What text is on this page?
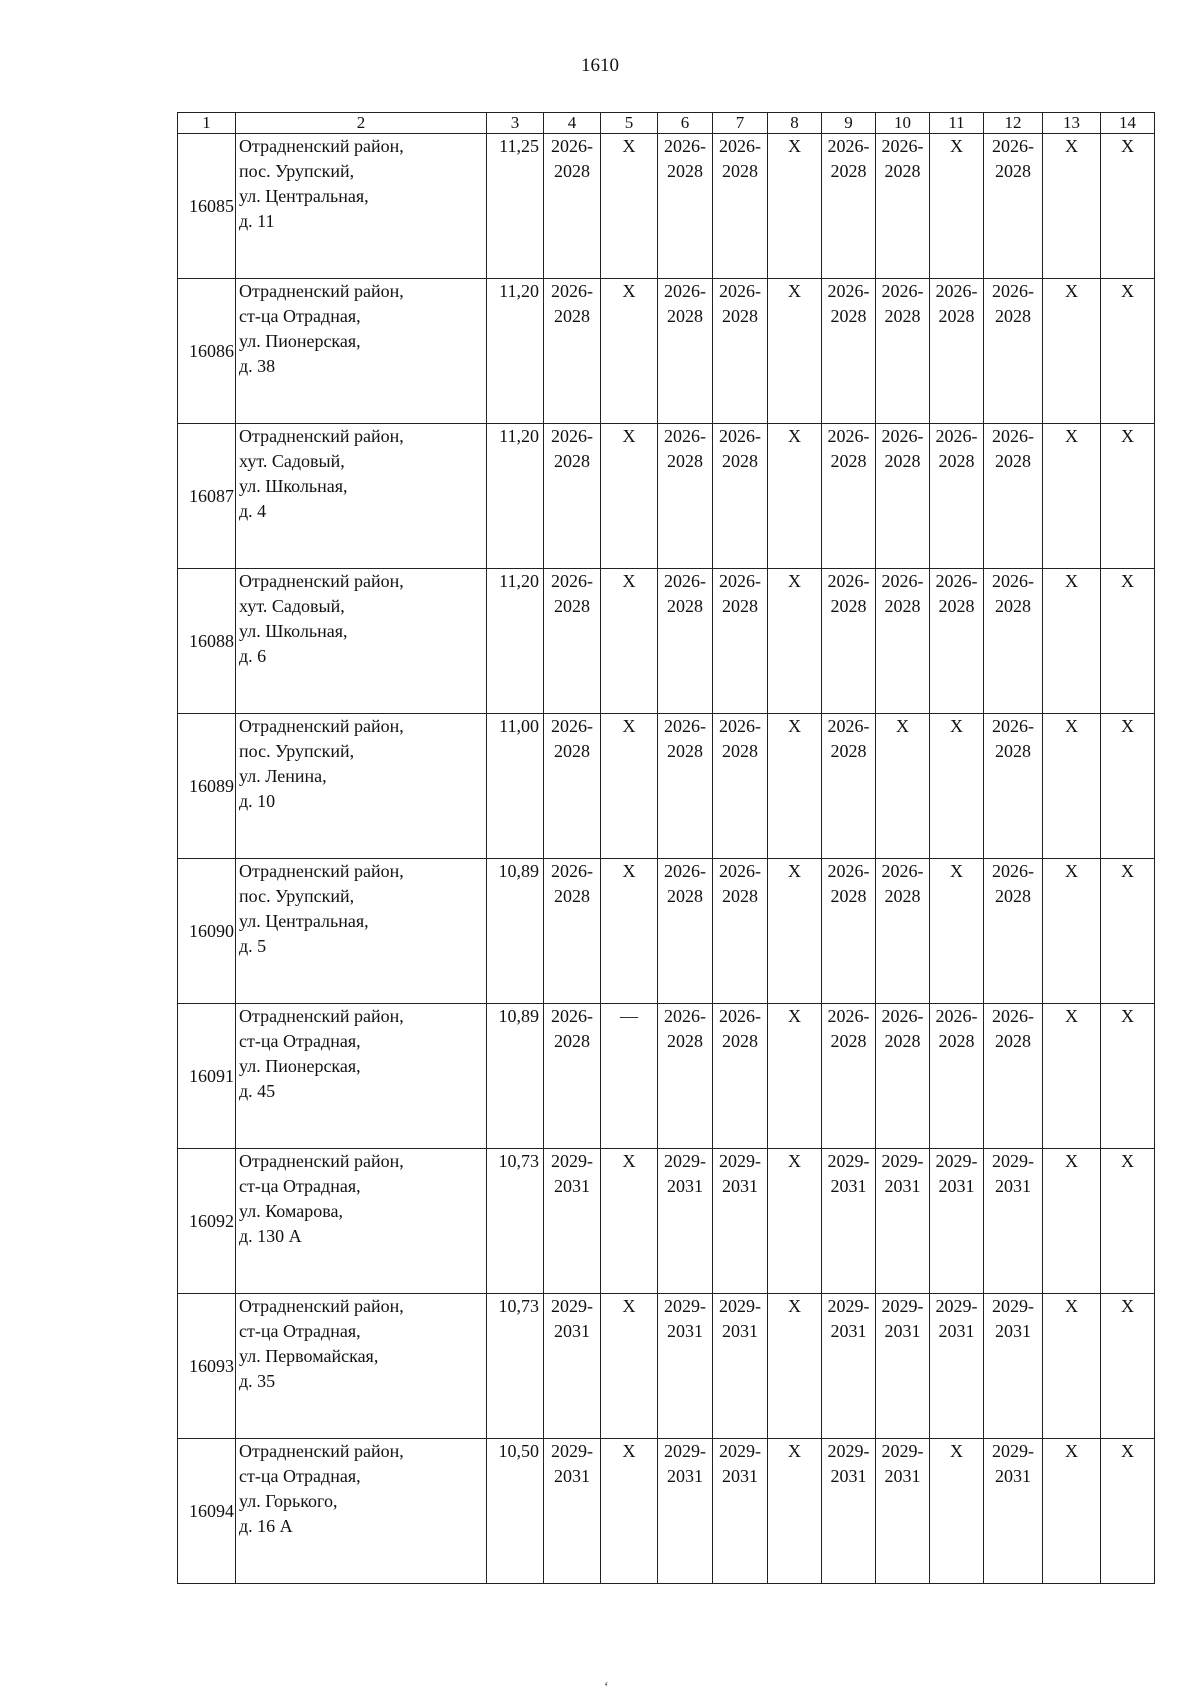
1610
1	2	3	4	5	6	7	8	9	10	11	12	13	14
16085	Отрадненский район,
пос. Урупский,
ул. Центральная,
д. 11	11,25	2026-
2028	X	2026-
2028	2026-
2028	X	2026-
2028	2026-
2028	X	2026-
2028	X	X

16086	Отрадненский район,
ст-ца Отрадная,
ул. Пионерская,
д. 38	11,20	2026-
2028	X	2026-
2028	2026-
2028	X	2026-
2028	2026-
2028	2026-
2028	2026-
2028	X	X

16087	Отрадненский район,
хут. Садовый,
ул. Школьная,
д. 4	11,20	2026-
2028	X	2026-
2028	2026-
2028	X	2026-
2028	2026-
2028	2026-
2028	2026-
2028	X	X

16088	Отрадненский район,
хут. Садовый,
ул. Школьная,
д. 6	11,20	2026-
2028	X	2026-
2028	2026-
2028	X	2026-
2028	2026-
2028	2026-
2028	2026-
2028	X	X

16089	Отрадненский район,
пос. Урупский,
ул. Ленина,
д. 10	11,00	2026-
2028	X	2026-
2028	2026-
2028	X	2026-
2028	X	X	2026-
2028	X	X

16090	Отрадненский район,
пос. Урупский,
ул. Центральная,
д. 5	10,89	2026-
2028	X	2026-
2028	2026-
2028	X	2026-
2028	2026-
2028	X	2026-
2028	X	X

16091	Отрадненский район,
ст-ца Отрадная,
ул. Пионерская,
д. 45	10,89	2026-
2028	—	2026-
2028	2026-
2028	X	2026-
2028	2026-
2028	2026-
2028	2026-
2028	X	X

16092	Отрадненский район,
ст-ца Отрадная,
ул. Комарова,
д. 130 А	10,73	2029-
2031	X	2029-
2031	2029-
2031	X	2029-
2031	2029-
2031	2029-
2031	2029-
2031	X	X

16093	Отрадненский район,
ст-ца Отрадная,
ул. Первомайская,
д. 35	10,73	2029-
2031	X	2029-
2031	2029-
2031	X	2029-
2031	2029-
2031	2029-
2031	2029-
2031	X	X

16094	Отрадненский район,
ст-ца Отрадная,
ул. Горького,
д. 16 А	10,50	2029-
2031	X	2029-
2031	2029-
2031	X	2029-
2031	2029-
2031	X	2029-
2031	X	X
‘
